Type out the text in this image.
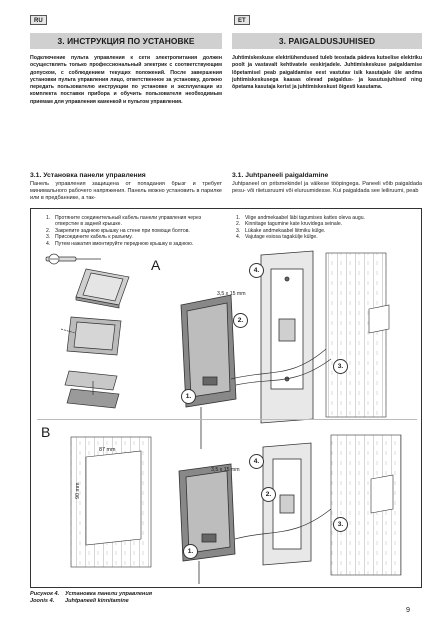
RU	ET
3. ИНСТРУКЦИЯ ПО УСТАНОВКЕ	3. PAIGALDUSJUHISED

Подключение пульта управления к сети электропитания должен осуществлять только профессиональный электрик с соответствующим допуском, с соблюдением текущих положений. После завершения установки пульта управления лицо, ответственное за установку, должно передать пользователю инструкции по установке и эксплуатации из комплекта поставки прибора и обучить пользователя необходимым приемам для управления каменкой и пультом управления.

Juhtimiskeskuse elektriühendused tuleb teostada pädeva kutselise elektriku poolt ja vastavalt kehtivatele eeskirjadele. Juhtimiskeskuse paigaldamise lõpetamisel peab paigaldamise eest vastutav isik kasutajale üle andma juhtimiskeskusega kaasas olevad paigaldus- ja kasutusjuhised ning õpetama kasutaja kerist ja juhtimiskeskust õigesti kasutama.

3.1. Установка панели управления	3.1. Juhtpaneeli paigaldamine

Панель управления защищена от попадания брызг и требует минимального рабочего напряжения. Панель можно установить в парилке или в предбаннике, а так-

Juhtpaneel on pritsmekindel ja väikese tööpingega. Paneeli võib paigaldada pesu- või riietusruumi või eluruumidesse. Kui paigaldada see leiliruumi, peab

1. Протяните соединительный кабель панели управления через отверстие в задней крышке.
2. Закрепите заднюю крышку на стене при помощи болтов.
3. Присоедините кабель к разъему.
4. Путем нажатия вмонтируйте переднюю крышку в заднюю.
1. Viige andmekaabel läbi tagumises kattes oleva augu.
2. Kinnitage tagumine kate kruvidega seinale.
3. Lükake andmekaabel liitmiku külge.
4. Vajutage esiosa tagakülje külge.
A
B
4.
2.
3.
1.
4.
2.
3.
1.
3,5 x 15 mm
3,5 x 15 mm
87 mm
90 mm
Рисунок 4.	Установка панели управления
Joonis 4.	Juhtpaneeli kinnitamine
9
